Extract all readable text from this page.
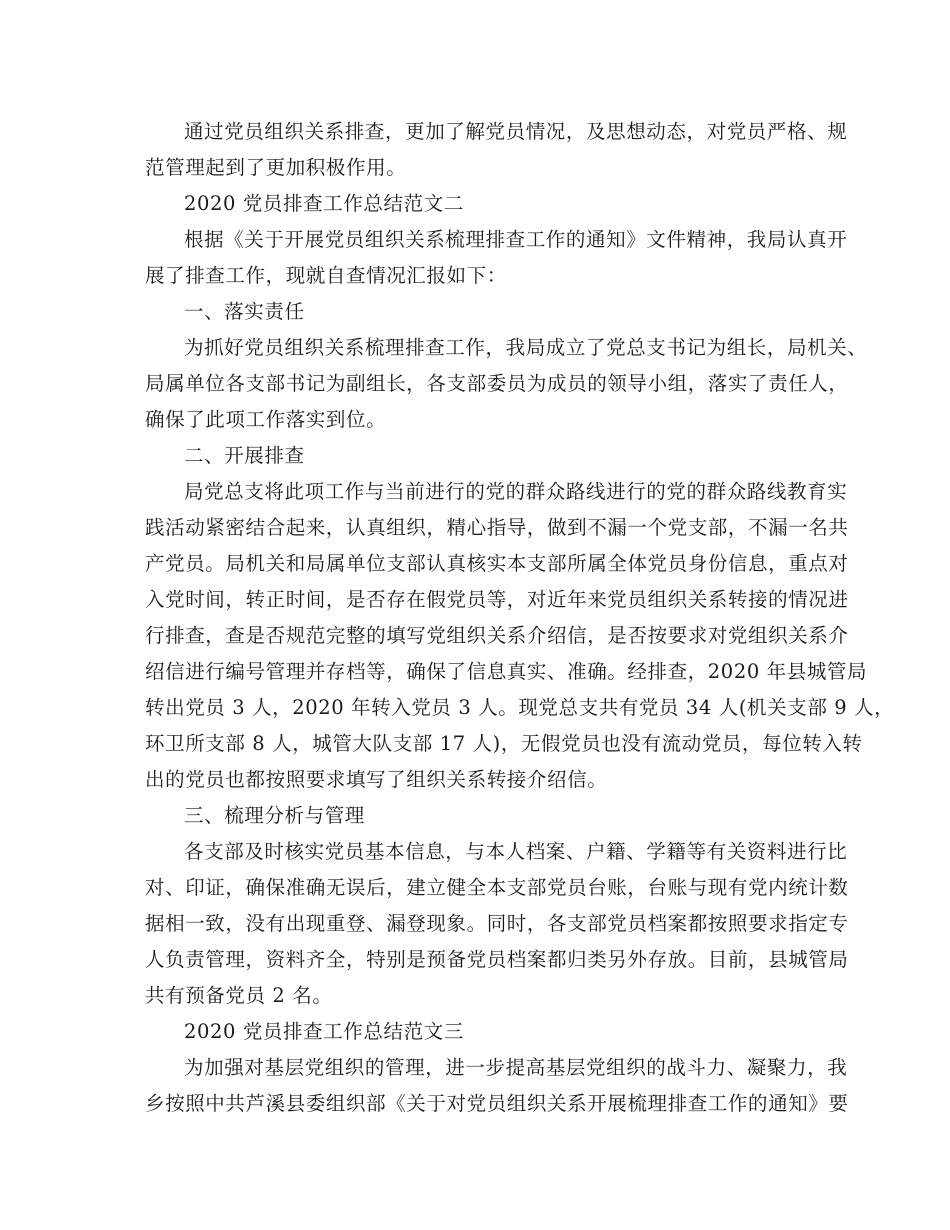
通过党员组织关系排查，更加了解党员情况，及思想动态，对党员严格、规
范管理起到了更加积极作用。
2020 党员排查工作总结范文二
根据《关于开展党员组织关系梳理排查工作的通知》文件精神，我局认真开
展了排查工作，现就自查情况汇报如下：
一、落实责任
为抓好党员组织关系梳理排查工作，我局成立了党总支书记为组长，局机关、
局属单位各支部书记为副组长，各支部委员为成员的领导小组，落实了责任人，
确保了此项工作落实到位。
二、开展排查
局党总支将此项工作与当前进行的党的群众路线进行的党的群众路线教育实
践活动紧密结合起来，认真组织，精心指导，做到不漏一个党支部，不漏一名共
产党员。局机关和局属单位支部认真核实本支部所属全体党员身份信息，重点对
入党时间，转正时间，是否存在假党员等，对近年来党员组织关系转接的情况进
行排查，查是否规范完整的填写党组织关系介绍信，是否按要求对党组织关系介
绍信进行编号管理并存档等，确保了信息真实、准确。经排查，2020 年县城管局
转出党员 3 人，2020 年转入党员 3 人。现党总支共有党员 34 人(机关支部 9 人，
环卫所支部 8 人，城管大队支部 17 人)，无假党员也没有流动党员，每位转入转
出的党员也都按照要求填写了组织关系转接介绍信。
三、梳理分析与管理
各支部及时核实党员基本信息，与本人档案、户籍、学籍等有关资料进行比
对、印证，确保准确无误后，建立健全本支部党员台账，台账与现有党内统计数
据相一致，没有出现重登、漏登现象。同时，各支部党员档案都按照要求指定专
人负责管理，资料齐全，特别是预备党员档案都归类另外存放。目前，县城管局
共有预备党员 2 名。
2020 党员排查工作总结范文三
为加强对基层党组织的管理，进一步提高基层党组织的战斗力、凝聚力，我
乡按照中共芦溪县委组织部《关于对党员组织关系开展梳理排查工作的通知》要
